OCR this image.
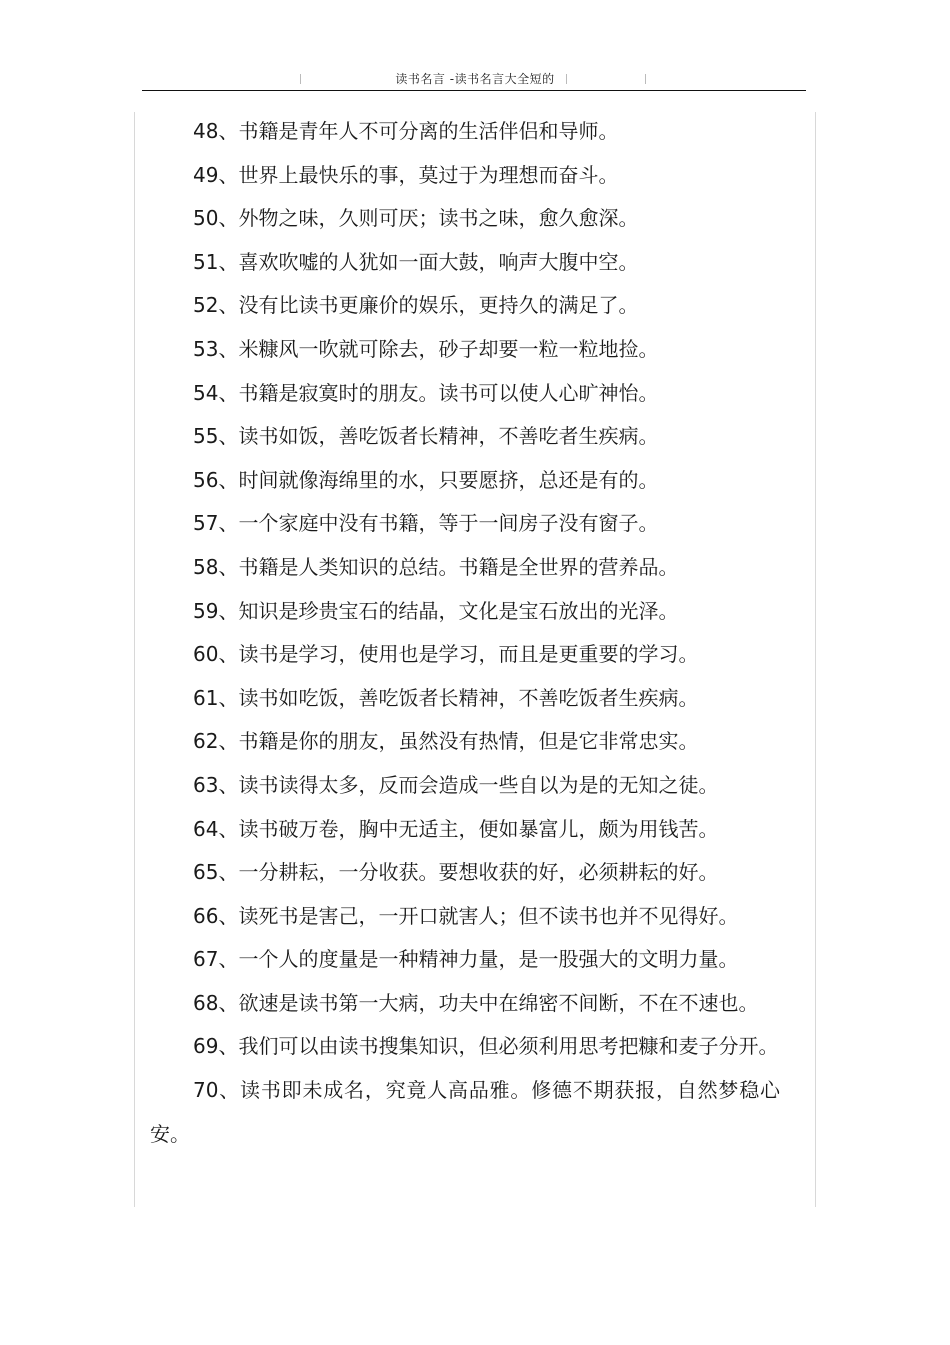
读书名言 -读书名言大全短的

48、书籍是青年人不可分离的生活伴侣和导师。

49、世界上最快乐的事，莫过于为理想而奋斗。

50、外物之味，久则可厌；读书之味，愈久愈深。

51、喜欢吹嘘的人犹如一面大鼓，响声大腹中空。

52、没有比读书更廉价的娱乐，更持久的满足了。

53、米糠风一吹就可除去，砂子却要一粒一粒地捡。

54、书籍是寂寞时的朋友。读书可以使人心旷神怡。

55、读书如饭，善吃饭者长精神，不善吃者生疾病。

56、时间就像海绵里的水，只要愿挤，总还是有的。

57、一个家庭中没有书籍，等于一间房子没有窗子。

58、书籍是人类知识的总结。书籍是全世界的营养品。

59、知识是珍贵宝石的结晶，文化是宝石放出的光泽。

60、读书是学习，使用也是学习，而且是更重要的学习。

61、读书如吃饭，善吃饭者长精神，不善吃饭者生疾病。

62、书籍是你的朋友，虽然没有热情，但是它非常忠实。

63、读书读得太多，反而会造成一些自以为是的无知之徒。

64、读书破万卷，胸中无适主，便如暴富儿，颇为用钱苦。

65、一分耕耘，一分收获。要想收获的好，必须耕耘的好。

66、读死书是害己，一开口就害人；但不读书也并不见得好。

67、一个人的度量是一种精神力量，是一股强大的文明力量。

68、欲速是读书第一大病，功夫中在绵密不间断，不在不速也。

69、我们可以由读书搜集知识，但必须利用思考把糠和麦子分开。

70、读书即未成名，究竟人高品雅。修德不期获报，自然梦稳心安。
